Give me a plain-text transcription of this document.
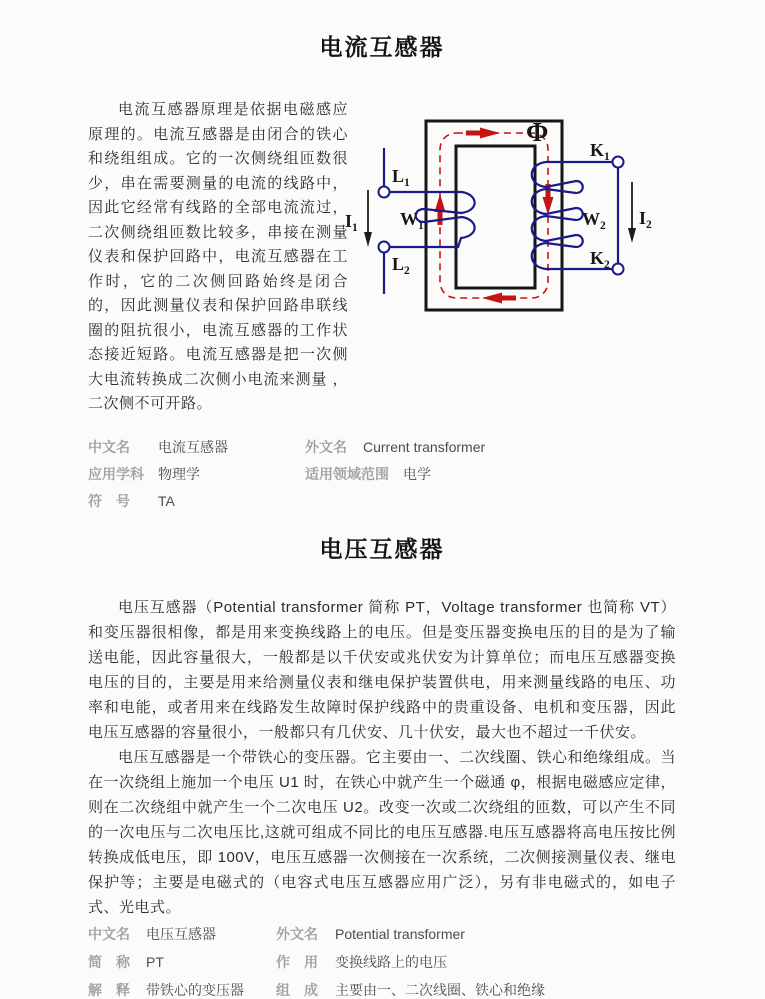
电流互感器

电流互感器原理是依据电磁感应原理的。电流互感器是由闭合的铁心和绕组组成。它的一次侧绕组匝数很少，串在需要测量的电流的线路中，因此它经常有线路的全部电流流过，二次侧绕组匝数比较多，串接在测量仪表和保护回路中，电流互感器在工作时，它的二次侧回路始终是闭合的，因此测量仪表和保护回路串联线圈的阻抗很小，电流互感器的工作状态接近短路。电流互感器是把一次侧大电流转换成二次侧小电流来测量 ， 二次侧不可开路。

Φ
$L_1$
$L_2$
$K_1$
$K_2$
$W_1$	$W_2$
$I_1$	$I_2$
中文名	电流互感器	外文名 Current transformer
应用学科 物理学	适用领域范围 电学
符　号	TA
电压互感器

电压互感器（Potential transformer 简称 PT，Voltage transformer 也简称 VT）和变压器很相像，都是用来变换线路上的电压。但是变压器变换电压的目的是为了输送电能，因此容量很大，一般都是以千伏安或兆伏安为计算单位；而电压互感器变换电压的目的，主要是用来给测量仪表和继电保护装置供电，用来测量线路的电压、功率和电能，或者用来在线路发生故障时保护线路中的贵重设备、电机和变压器，因此电压互感器的容量很小，一般都只有几伏安、几十伏安，最大也不超过一千伏安。

电压互感器是一个带铁心的变压器。它主要由一、二次线圈、铁心和绝缘组成。当在一次绕组上施加一个电压 U1 时，在铁心中就产生一个磁通 φ，根据电磁感应定律，则在二次绕组中就产生一个二次电压 U2。改变一次或二次绕组的匝数，可以产生不同的一次电压与二次电压比,这就可组成不同比的电压互感器.电压互感器将高电压按比例转换成低电压，即 100V，电压互感器一次侧接在一次系统，二次侧接测量仪表、继电保护等；主要是电磁式的（电容式电压互感器应用广泛），另有非电磁式的，如电子式、光电式。

中文名 电压互感器	外文名 Potential transformer
简　称 PT	作　用 变换线路上的电压
解　释 带铁心的变压器 组　成 主要由一、二次线圈、铁心和绝缘
